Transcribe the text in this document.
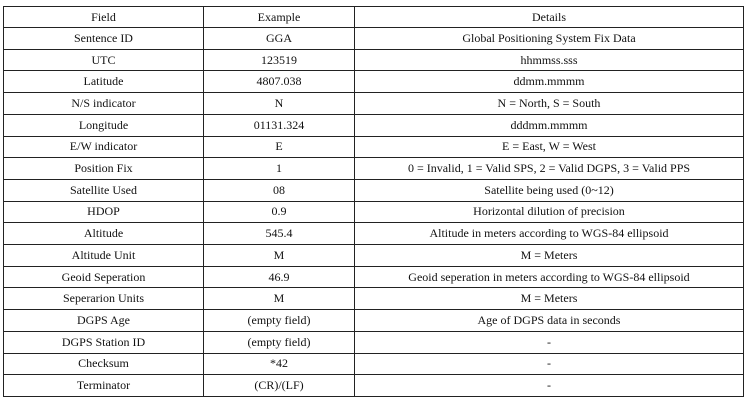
Field	Example	Details
Sentence ID	GGA	Global Positioning System Fix Data
UTC	123519	hhmmss.sss
Latitude	4807.038	ddmm.mmmm
N/S indicator	N	N = North, S = South
Longitude	01131.324	dddmm.mmmm
E/W indicator	E	E = East, W = West
Position Fix	1	0 = Invalid, 1 = Valid SPS, 2 = Valid DGPS, 3 = Valid PPS
Satellite Used	08	Satellite being used (0~12)
HDOP	0.9	Horizontal dilution of precision
Altitude	545.4	Altitude in meters according to WGS-84 ellipsoid
Altitude Unit	M	M = Meters
Geoid Seperation	46.9	Geoid seperation in meters according to WGS-84 ellipsoid
Seperarion Units	M	M = Meters
DGPS Age	(empty field)	Age of DGPS data in seconds
DGPS Station ID	(empty field)	-
Checksum	*42	-
Terminator	(CR)/(LF)	-
